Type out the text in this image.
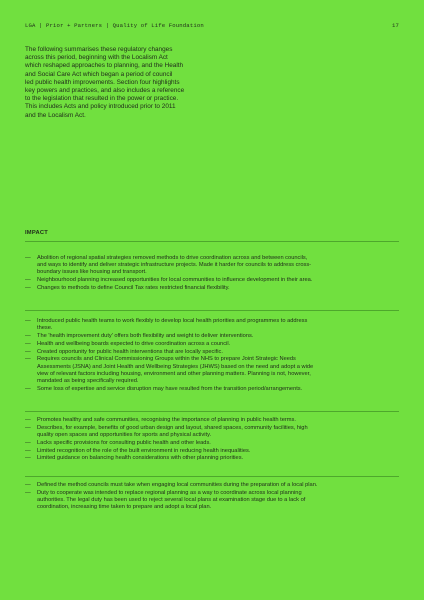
LGA | Prior + Partners | Quality of Life Foundation	17
The following summarises these regulatory changes
across this period, beginning with the Localism Act
which reshaped approaches to planning, and the Health
and Social Care Act which began a period of council
led public health improvements. Section four highlights
key powers and practices, and also includes a reference
to the legislation that resulted in the power or practice.
This includes Acts and policy introduced prior to 2011
and the Localism Act.
IMPACT
— Abolition of regional spatial strategies removed methods to drive coordination across and between councils,
and ways to identify and deliver strategic infrastructure projects. Made it harder for councils to address cross-
boundary issues like housing and transport.
— Neighbourhood planning increased opportunities for local communities to influence development in their area.
— Changes to methods to define Council Tax rates restricted financial flexibility.
— Introduced public health teams to work flexibly to develop local health priorities and programmes to address
these.
— The 'health improvement duty' offers both flexibility and weight to deliver interventions.
— Health and wellbeing boards expected to drive coordination across a council.
— Created opportunity for public health interventions that are locally specific.
— Requires councils and Clinical Commissioning Groups within the NHS to prepare Joint Strategic Needs
Assessments (JSNA) and Joint Health and Wellbeing Strategies (JHWS) based on the need and adopt a wide
view of relevant factors including housing, environment and other planning matters. Planning is not, however,
mandated as being specifically required.
— Some loss of expertise and service disruption may have resulted from the transition period/arrangements.
— Promotes healthy and safe communities, recognising the importance of planning in public health terms.
— Describes, for example, benefits of good urban design and layout, shared spaces, community facilities, high
quality open spaces and opportunities for sports and physical activity.
— Lacks specific provisions for consulting public health and other leads.
— Limited recognition of the role of the built environment in reducing health inequalities.
— Limited guidance on balancing health considerations with other planning priorities.
— Defined the method councils must take when engaging local communities during the preparation of a local plan.
— Duty to cooperate was intended to replace regional planning as a way to coordinate across local planning
authorities. The legal duty has been used to reject several local plans at examination stage due to a lack of
coordination, increasing time taken to prepare and adopt a local plan.
